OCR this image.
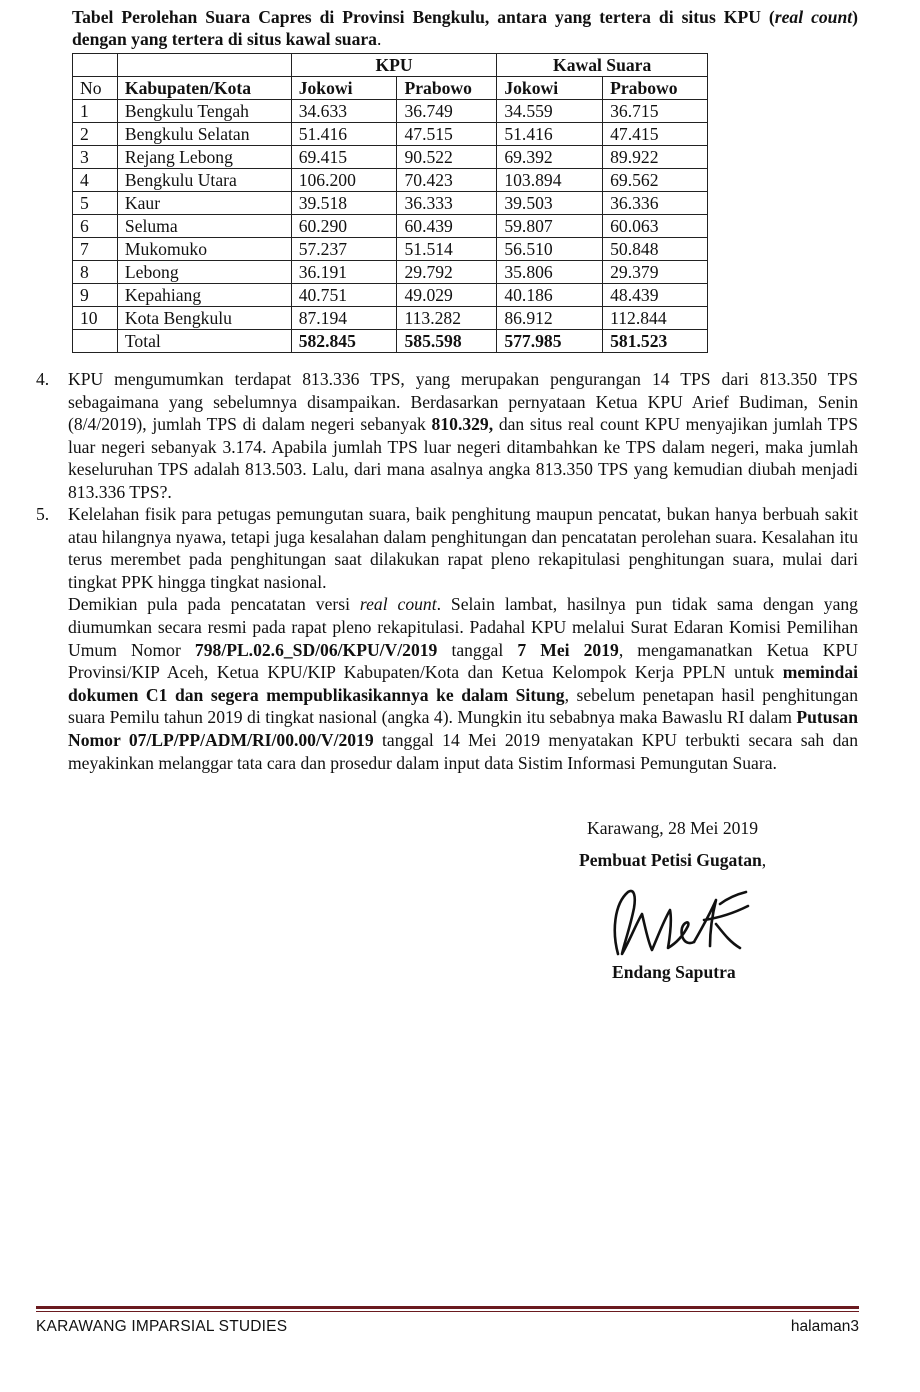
Tabel Perolehan Suara Capres di Provinsi Bengkulu, antara yang tertera di situs KPU (real count) dengan yang tertera di situs kawal suara.
		KPU		Kawal Suara	
No	Kabupaten/Kota	Jokowi	Prabowo	Jokowi	Prabowo
1	Bengkulu Tengah	34.633	36.749	34.559	36.715
2	Bengkulu Selatan	51.416	47.515	51.416	47.415
3	Rejang Lebong	69.415	90.522	69.392	89.922
4	Bengkulu Utara	106.200	70.423	103.894	69.562
5	Kaur	39.518	36.333	39.503	36.336
6	Seluma	60.290	60.439	59.807	60.063
7	Mukomuko	57.237	51.514	56.510	50.848
8	Lebong	36.191	29.792	35.806	29.379
9	Kepahiang	40.751	49.029	40.186	48.439
10	Kota Bengkulu	87.194	113.282	86.912	112.844
	Total	582.845	585.598	577.985	581.523
4. KPU mengumumkan terdapat 813.336 TPS, yang merupakan pengurangan 14 TPS dari 813.350 TPS sebagaimana yang sebelumnya disampaikan. Berdasarkan pernyataan Ketua KPU Arief Budiman, Senin (8/4/2019), jumlah TPS di dalam negeri sebanyak 810.329, dan situs real count KPU menyajikan jumlah TPS luar negeri sebanyak 3.174. Apabila jumlah TPS luar negeri ditambahkan ke TPS dalam negeri, maka jumlah keseluruhan TPS adalah 813.503. Lalu, dari mana asalnya angka 813.350 TPS yang kemudian diubah menjadi 813.336 TPS?.
5. Kelelahan fisik para petugas pemungutan suara, baik penghitung maupun pencatat, bukan hanya berbuah sakit atau hilangnya nyawa, tetapi juga kesalahan dalam penghitungan dan pencatatan perolehan suara. Kesalahan itu terus merembet pada penghitungan saat dilakukan rapat pleno rekapitulasi penghitungan suara, mulai dari tingkat PPK hingga tingkat nasional.

Demikian pula pada pencatatan versi real count. Selain lambat, hasilnya pun tidak sama dengan yang diumumkan secara resmi pada rapat pleno rekapitulasi. Padahal KPU melalui Surat Edaran Komisi Pemilihan Umum Nomor 798/PL.02.6_SD/06/KPU/V/2019 tanggal 7 Mei 2019, mengamanatkan Ketua KPU Provinsi/KIP Aceh, Ketua KPU/KIP Kabupaten/Kota dan Ketua Kelompok Kerja PPLN untuk memindai dokumen C1 dan segera mempublikasikannya ke dalam Situng, sebelum penetapan hasil penghitungan suara Pemilu tahun 2019 di tingkat nasional (angka 4). Mungkin itu sebabnya maka Bawaslu RI dalam Putusan Nomor 07/LP/PP/ADM/RI/00.00/V/2019 tanggal 14 Mei 2019 menyatakan KPU terbukti secara sah dan meyakinkan melanggar tata cara dan prosedur dalam input data Sistim Informasi Pemungutan Suara.

Karawang, 28 Mei 2019
Pembuat Petisi Gugatan,
Endang Saputra
KARAWANG IMPARSIAL STUDIES	halaman3
